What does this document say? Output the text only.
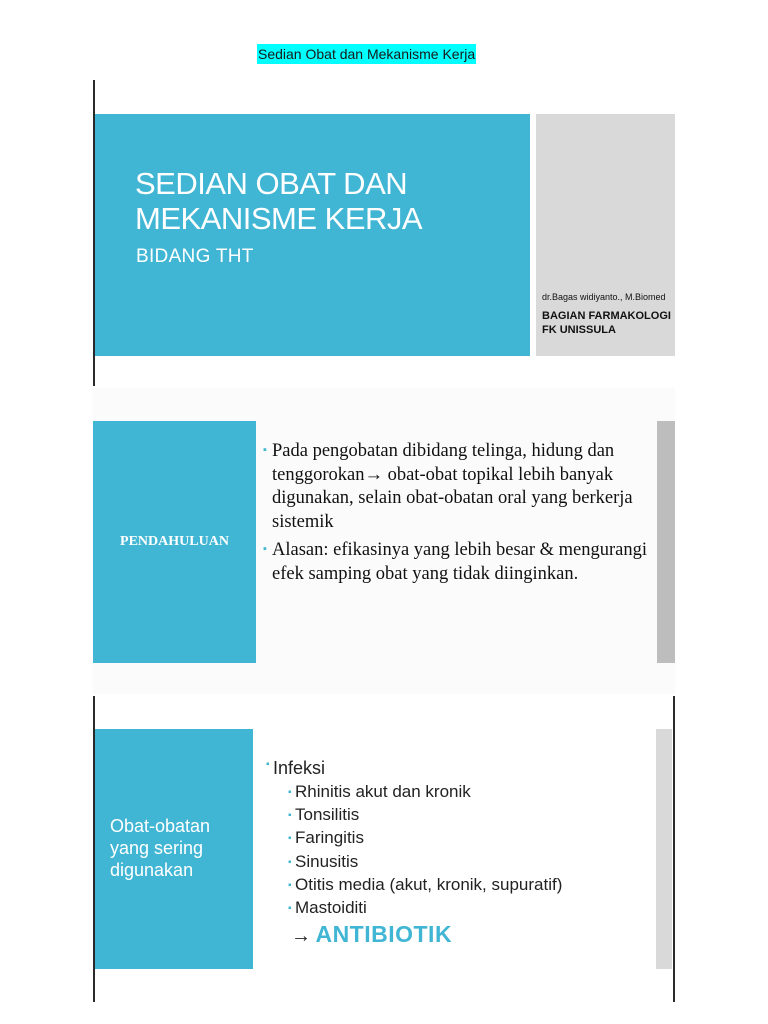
Sedian Obat dan Mekanisme Kerja
SEDIAN OBAT DAN
MEKANISME KERJA
BIDANG THT
dr.Bagas widiyanto., M.Biomed
BAGIAN FARMAKOLOGI
FK UNISSULA
PENDAHULUAN
▪ Pada pengobatan dibidang telinga, hidung dan tenggorokan→ obat-obat topikal lebih banyak digunakan, selain obat-obatan oral yang berkerja sistemik
▪ Alasan: efikasinya yang lebih besar & mengurangi efek samping obat yang tidak diinginkan.
Obat-obatan
yang sering
digunakan
▪ Infeksi
▪ Rhinitis akut dan kronik
▪ Tonsilitis
▪ Faringitis
▪ Sinusitis
▪ Otitis media (akut, kronik, supuratif)
▪ Mastoiditi
→ ANTIBIOTIK
